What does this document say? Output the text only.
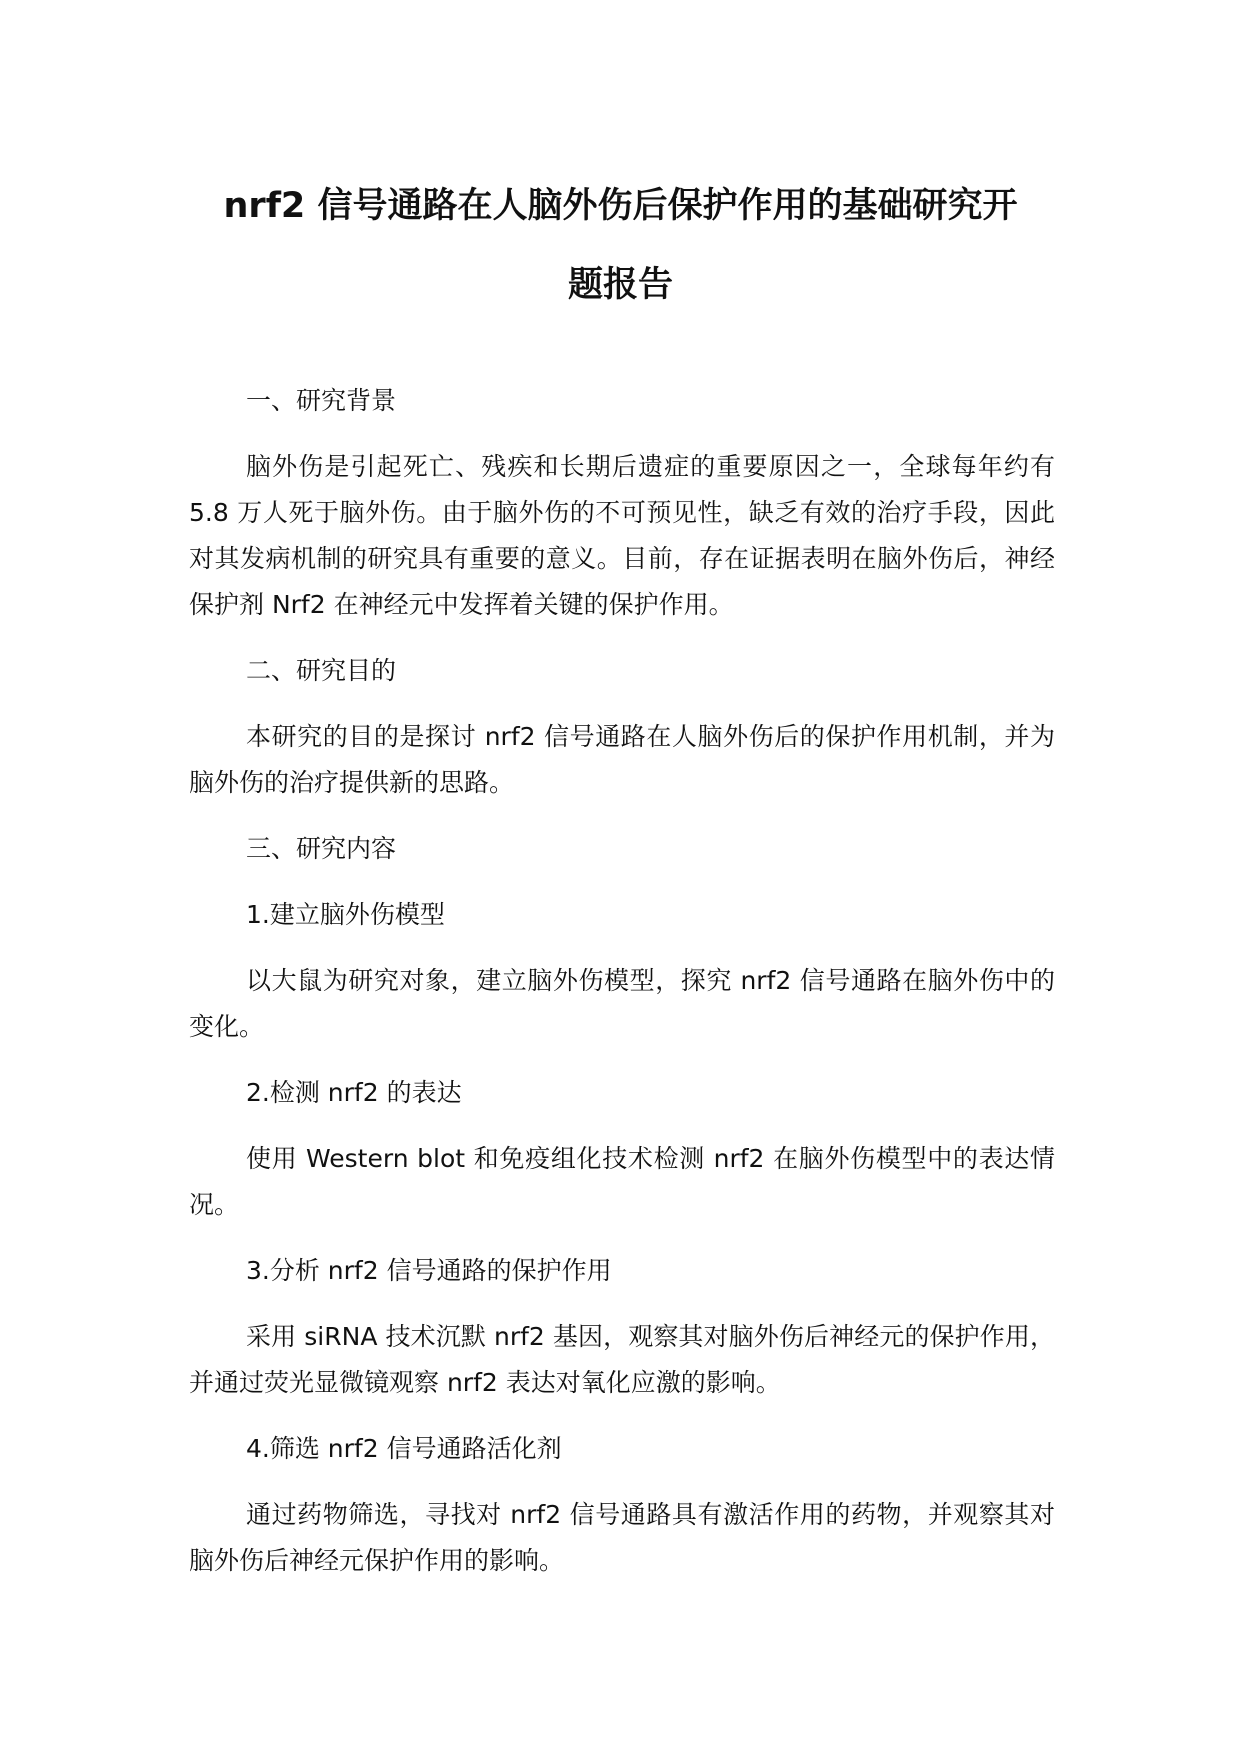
nrf2 信号通路在人脑外伤后保护作用的基础研究开
题报告

一、研究背景

脑外伤是引起死亡、残疾和长期后遗症的重要原因之一，全球每年约有 5.8 万人死于脑外伤。由于脑外伤的不可预见性，缺乏有效的治疗手段，因此对其发病机制的研究具有重要的意义。目前，存在证据表明在脑外伤后，神经保护剂 Nrf2 在神经元中发挥着关键的保护作用。

二、研究目的

本研究的目的是探讨 nrf2 信号通路在人脑外伤后的保护作用机制，并为脑外伤的治疗提供新的思路。

三、研究内容

1.建立脑外伤模型

以大鼠为研究对象，建立脑外伤模型，探究 nrf2 信号通路在脑外伤中的变化。

2.检测 nrf2 的表达

使用 Western blot 和免疫组化技术检测 nrf2 在脑外伤模型中的表达情况。

3.分析 nrf2 信号通路的保护作用

采用 siRNA 技术沉默 nrf2 基因，观察其对脑外伤后神经元的保护作用，并通过荧光显微镜观察 nrf2 表达对氧化应激的影响。

4.筛选 nrf2 信号通路活化剂

通过药物筛选，寻找对 nrf2 信号通路具有激活作用的药物，并观察其对脑外伤后神经元保护作用的影响。
